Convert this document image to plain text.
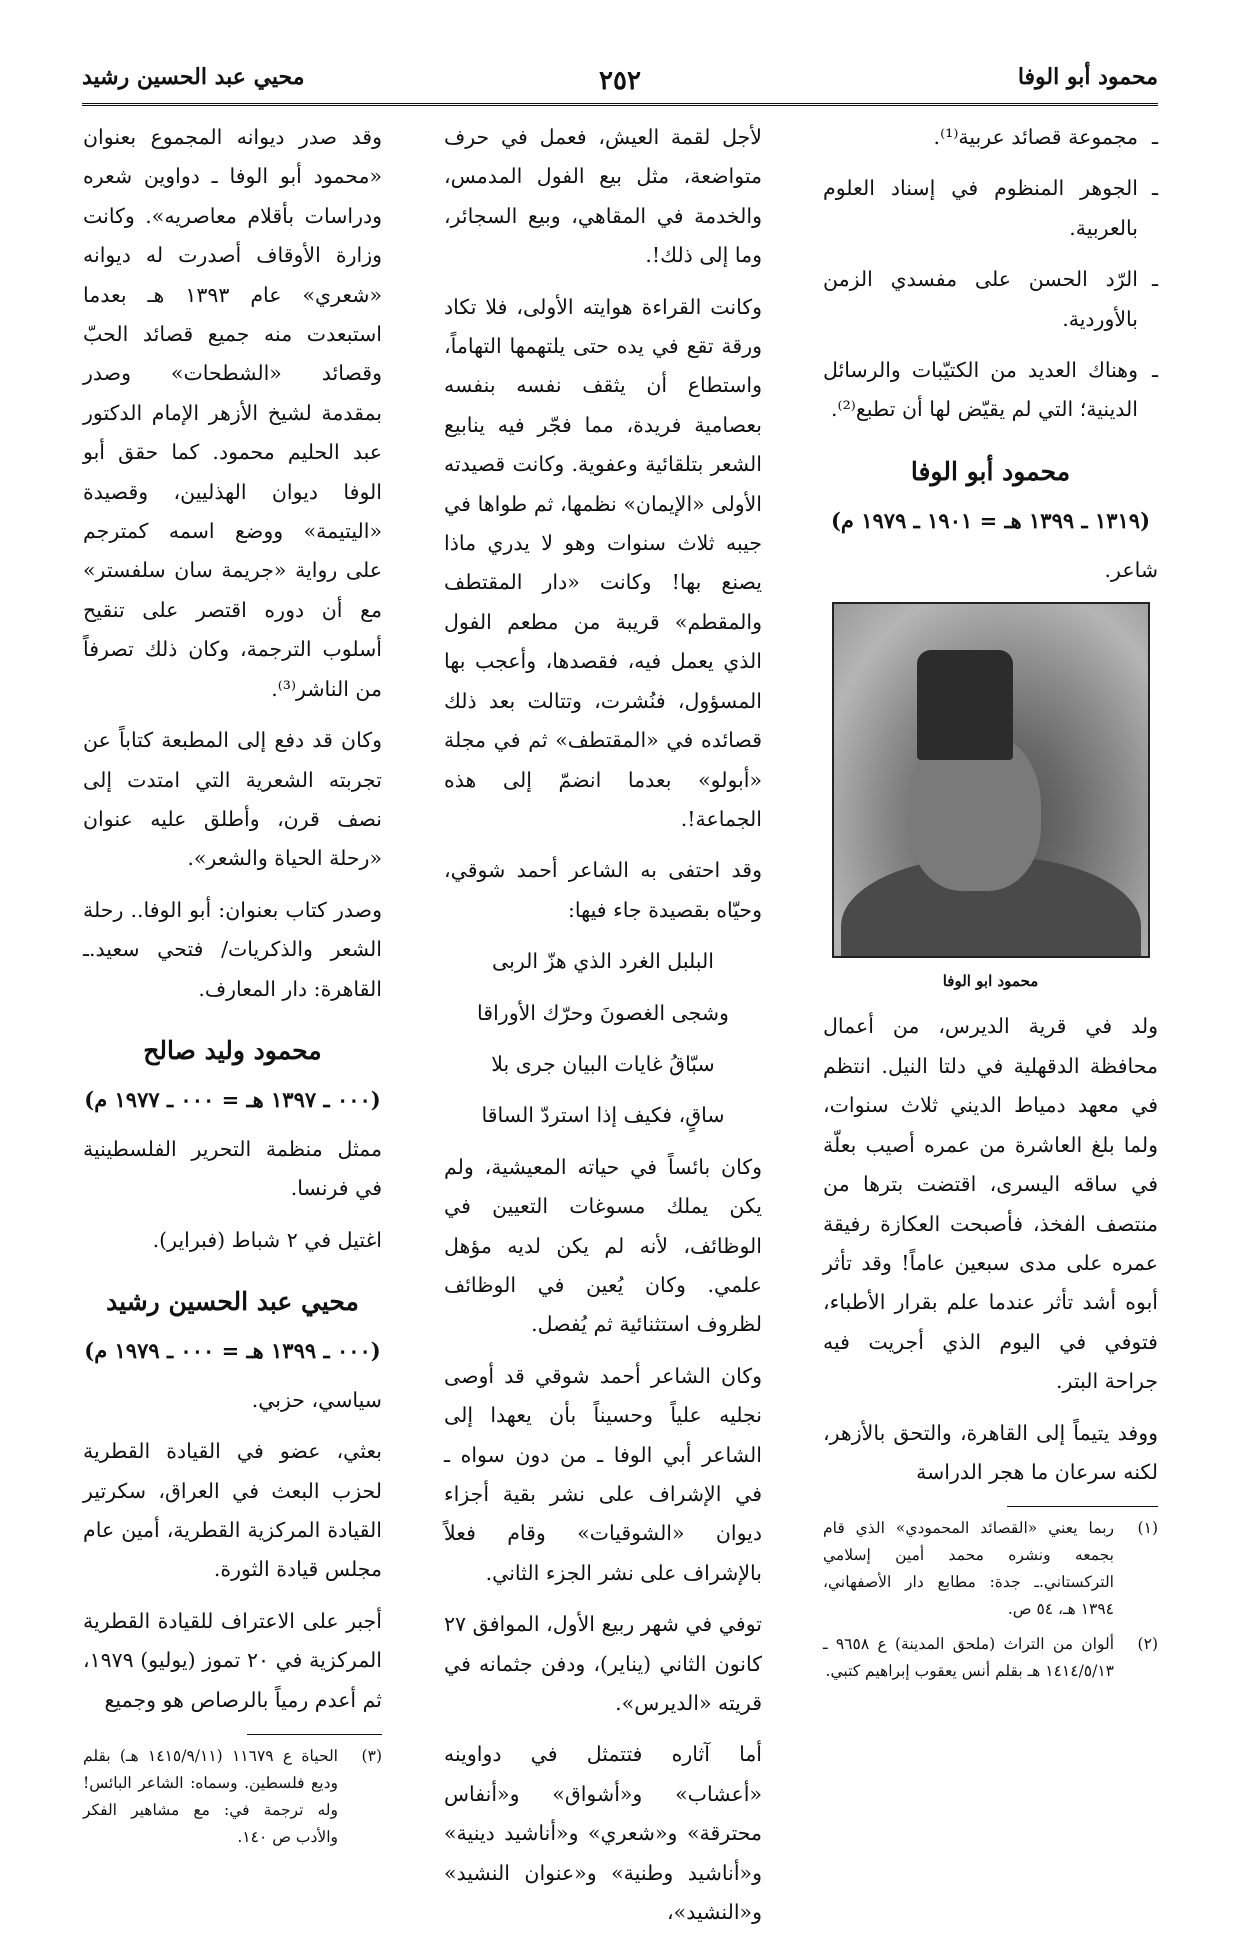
محمود أبو الوفا
٢٥٢
محيي عبد الحسين رشيد

ـ مجموعة قصائد عربية⁽¹⁾.

ـ الجوهر المنظوم في إسناد العلوم بالعربية.

ـ الرّد الحسن على مفسدي الزمن بالأوردية.

ـ وهناك العديد من الكتيّبات والرسائل الدينية؛ التي لم يقيّض لها أن تطبع⁽²⁾.

محمود أبو الوفا
(١٣١٩ ـ ١٣٩٩ هـ = ١٩٠١ ـ ١٩٧٩ م)

شاعر.

محمود ابو الوفا

ولد في قرية الديرس، من أعمال محافظة الدقهلية في دلتا النيل. انتظم في معهد دمياط الديني ثلاث سنوات، ولما بلغ العاشرة من عمره أصيب بعلّة في ساقه اليسرى، اقتضت بترها من منتصف الفخذ، فأصبحت العكازة رفيقة عمره على مدى سبعين عاماً! وقد تأثر أبوه أشد تأثر عندما علم بقرار الأطباء، فتوفي في اليوم الذي أجريت فيه جراحة البتر.

ووفد يتيماً إلى القاهرة، والتحق بالأزهر، لكنه سرعان ما هجر الدراسة

(١)
ربما يعني «القصائد المحمودي» الذي قام بجمعه ونشره محمد أمين إسلامي التركستاني.ـ جدة: مطابع دار الأصفهاني، ١٣٩٤ هـ، ٥٤ ص.
(٢)
ألوان من التراث (ملحق المدينة) ع ٩٦٥٨ ـ ١٤١٤/٥/١٣ هـ بقلم أنس يعقوب إبراهيم كتبي.

لأجل لقمة العيش، فعمل في حرف متواضعة، مثل بيع الفول المدمس، والخدمة في المقاهي، وبيع السجائر، وما إلى ذلك!.

وكانت القراءة هوايته الأولى، فلا تكاد ورقة تقع في يده حتى يلتهمها التهاماً، واستطاع أن يثقف نفسه بنفسه بعصامية فريدة، مما فجّر فيه ينابيع الشعر بتلقائية وعفوية. وكانت قصيدته الأولى «الإيمان» نظمها، ثم طواها في جيبه ثلاث سنوات وهو لا يدري ماذا يصنع بها! وكانت «دار المقتطف والمقطم» قريبة من مطعم الفول الذي يعمل فيه، فقصدها، وأعجب بها المسؤول، فنُشرت، وتتالت بعد ذلك قصائده في «المقتطف» ثم في مجلة «أبولو» بعدما انضمّ إلى هذه الجماعة!.

وقد احتفى به الشاعر أحمد شوقي، وحيّاه بقصيدة جاء فيها:

البلبل الغرد الذي هزّ الربى

وشجى الغصونَ وحرّك الأوراقا

سبّاقُ غايات البيان جرى بلا

ساقٍ، فكيف إذا استردّ الساقا

وكان بائساً في حياته المعيشية، ولم يكن يملك مسوغات التعيين في الوظائف، لأنه لم يكن لديه مؤهل علمي. وكان يُعين في الوظائف لظروف استثنائية ثم يُفصل.

وكان الشاعر أحمد شوقي قد أوصى نجليه علياً وحسيناً بأن يعهدا إلى الشاعر أبي الوفا ـ من دون سواه ـ في الإشراف على نشر بقية أجزاء ديوان «الشوقيات» وقام فعلاً بالإشراف على نشر الجزء الثاني.

توفي في شهر ربيع الأول، الموافق ٢٧ كانون الثاني (يناير)، ودفن جثمانه في قريته «الديرس».

أما آثاره فتتمثل في دواوينه «أعشاب» و«أشواق» و«أنفاس محترقة» و«شعري» و«أناشيد دينية» و«أناشيد وطنية» و«عنوان النشيد» و«النشيد»،

وقد صدر ديوانه المجموع بعنوان «محمود أبو الوفا ـ دواوين شعره ودراسات بأقلام معاصريه». وكانت وزارة الأوقاف أصدرت له ديوانه «شعري» عام ١٣٩٣ هـ بعدما استبعدت منه جميع قصائد الحبّ وقصائد «الشطحات» وصدر بمقدمة لشيخ الأزهر الإمام الدكتور عبد الحليم محمود. كما حقق أبو الوفا ديوان الهذليين، وقصيدة «اليتيمة» ووضع اسمه كمترجم على رواية «جريمة سان سلفستر» مع أن دوره اقتصر على تنقيح أسلوب الترجمة، وكان ذلك تصرفاً من الناشر⁽³⁾.

وكان قد دفع إلى المطبعة كتاباً عن تجربته الشعرية التي امتدت إلى نصف قرن، وأطلق عليه عنوان «رحلة الحياة والشعر».

وصدر كتاب بعنوان: أبو الوفا.. رحلة الشعر والذكريات/ فتحي سعيد.ـ القاهرة: دار المعارف.

محمود وليد صالح
(٠٠٠ ـ ١٣٩٧ هـ = ٠٠٠ ـ ١٩٧٧ م)

ممثل منظمة التحرير الفلسطينية في فرنسا.

اغتيل في ٢ شباط (فبراير).

محيي عبد الحسين رشيد
(٠٠٠ ـ ١٣٩٩ هـ = ٠٠٠ ـ ١٩٧٩ م)

سياسي، حزبي.

بعثي، عضو في القيادة القطرية لحزب البعث في العراق، سكرتير القيادة المركزية القطرية، أمين عام مجلس قيادة الثورة.

أجبر على الاعتراف للقيادة القطرية المركزية في ٢٠ تموز (يوليو) ١٩٧٩، ثم أعدم رمياً بالرصاص هو وجميع

(٣)
الحياة ع ١١٦٧٩ (١٤١٥/٩/١١ هـ) بقلم وديع فلسطين. وسماه: الشاعر البائس! وله ترجمة في: مع مشاهير الفكر والأدب ص ١٤٠.
